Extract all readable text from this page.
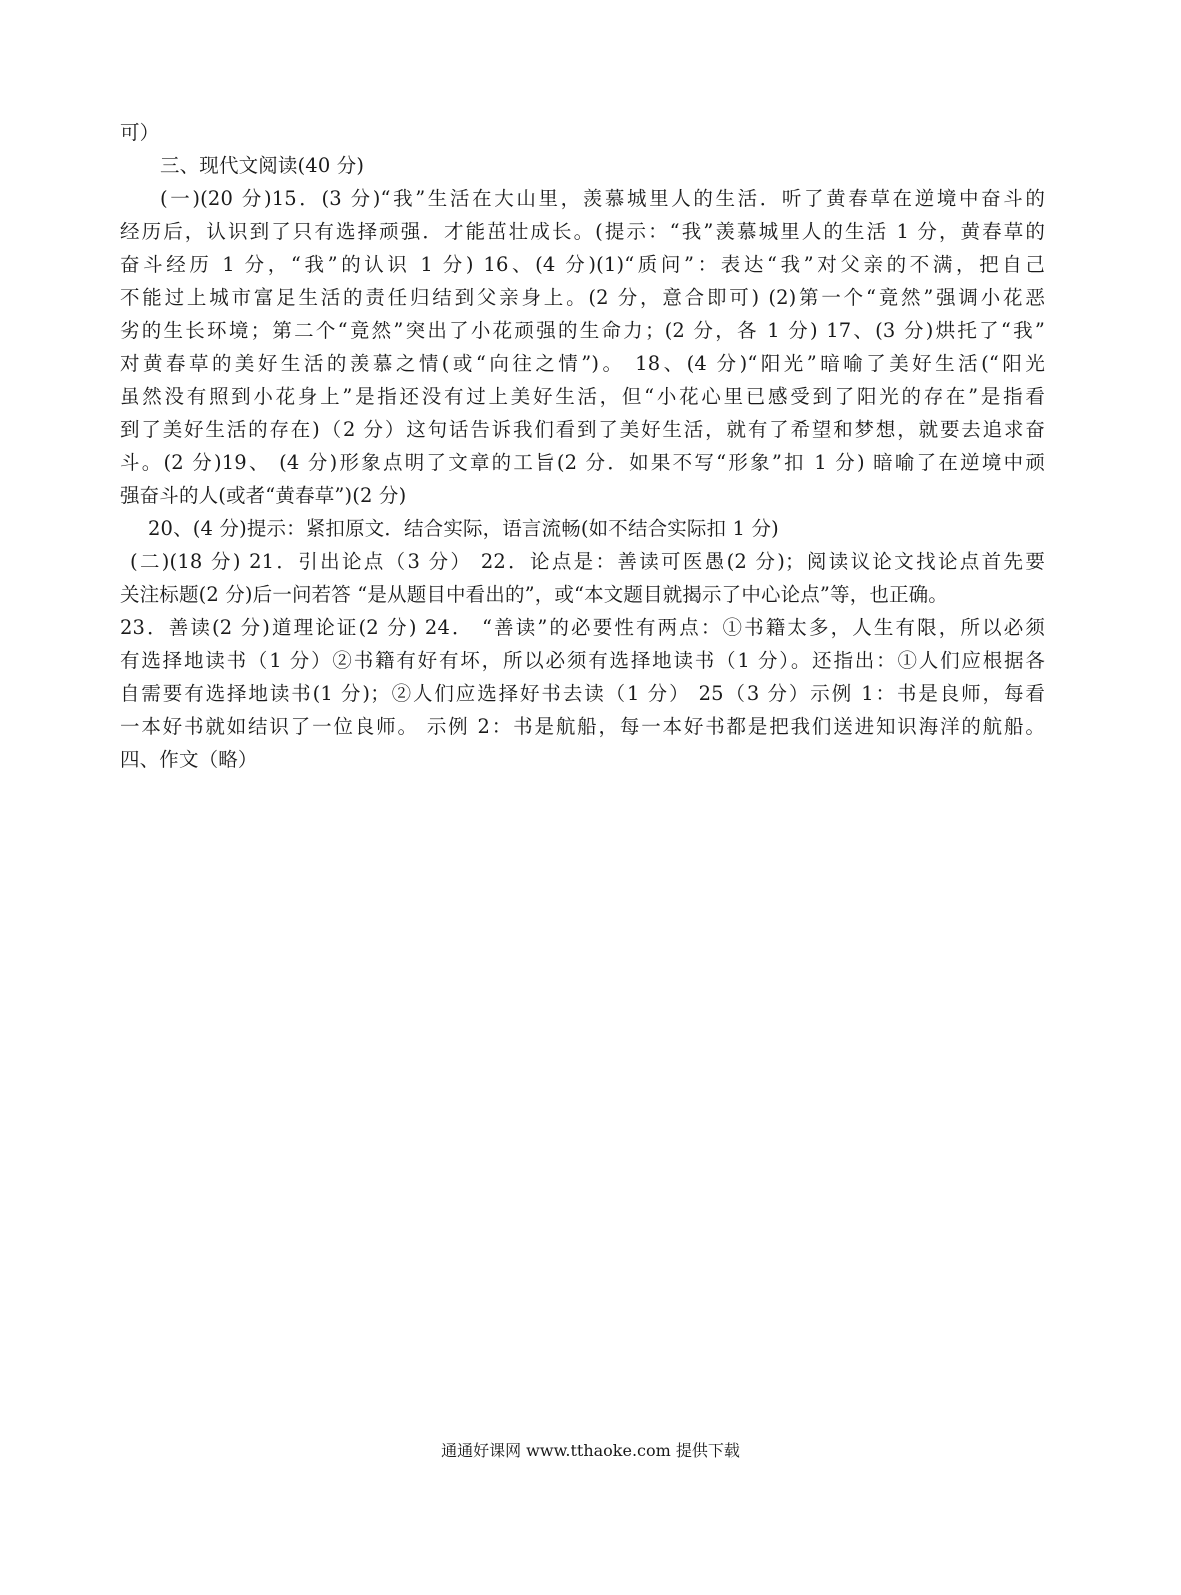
可）
三、现代文阅读(40 分)
(一)(20 分)15．(3 分)“我”生活在大山里，羡慕城里人的生活．听了黄春草在逆境中奋斗的
经历后，认识到了只有选择顽强．才能茁壮成长。(提示：“我”羡慕城里人的生活 1 分，黄春草的
奋斗经历 1 分，“我”的认识 1 分) 16、(4 分)(1)“质问”：表达“我”对父亲的不满，把自己
不能过上城市富足生活的责任归结到父亲身上。(2 分，意合即可) (2)第一个“竟然”强调小花恶
劣的生长环境；第二个“竟然”突出了小花顽强的生命力；(2 分，各 1 分) 17、(3 分)烘托了“我”
对黄春草的美好生活的羡慕之情(或“向往之情”)。 18、(4 分)“阳光”暗喻了美好生活(“阳光
虽然没有照到小花身上”是指还没有过上美好生活，但“小花心里已感受到了阳光的存在”是指看
到了美好生活的存在)（2 分）这句话告诉我们看到了美好生活，就有了希望和梦想，就要去追求奋
斗。(2 分)19、 (4 分)形象点明了文章的工旨(2 分．如果不写“形象”扣 1 分) 暗喻了在逆境中顽
强奋斗的人(或者“黄春草”)(2 分)
20、(4 分)提示：紧扣原文．结合实际，语言流畅(如不结合实际扣 1 分)
(二)(18 分) 21．引出论点（3 分） 22．论点是：善读可医愚(2 分)；阅读议论文找论点首先要
关注标题(2 分)后一问若答 “是从题目中看出的”，或“本文题目就揭示了中心论点”等，也正确。
23．善读(2 分)道理论证(2 分) 24． “善读”的必要性有两点：①书籍太多，人生有限，所以必须
有选择地读书（1 分）②书籍有好有坏，所以必须有选择地读书（1 分）。还指出：①人们应根据各
自需要有选择地读书(1 分)；②人们应选择好书去读（1 分） 25（3 分）示例 1：书是良师，每看
一本好书就如结识了一位良师。 示例 2：书是航船，每一本好书都是把我们送进知识海洋的航船。
四、作文（略）
通通好课网 www.tthaoke.com 提供下载
